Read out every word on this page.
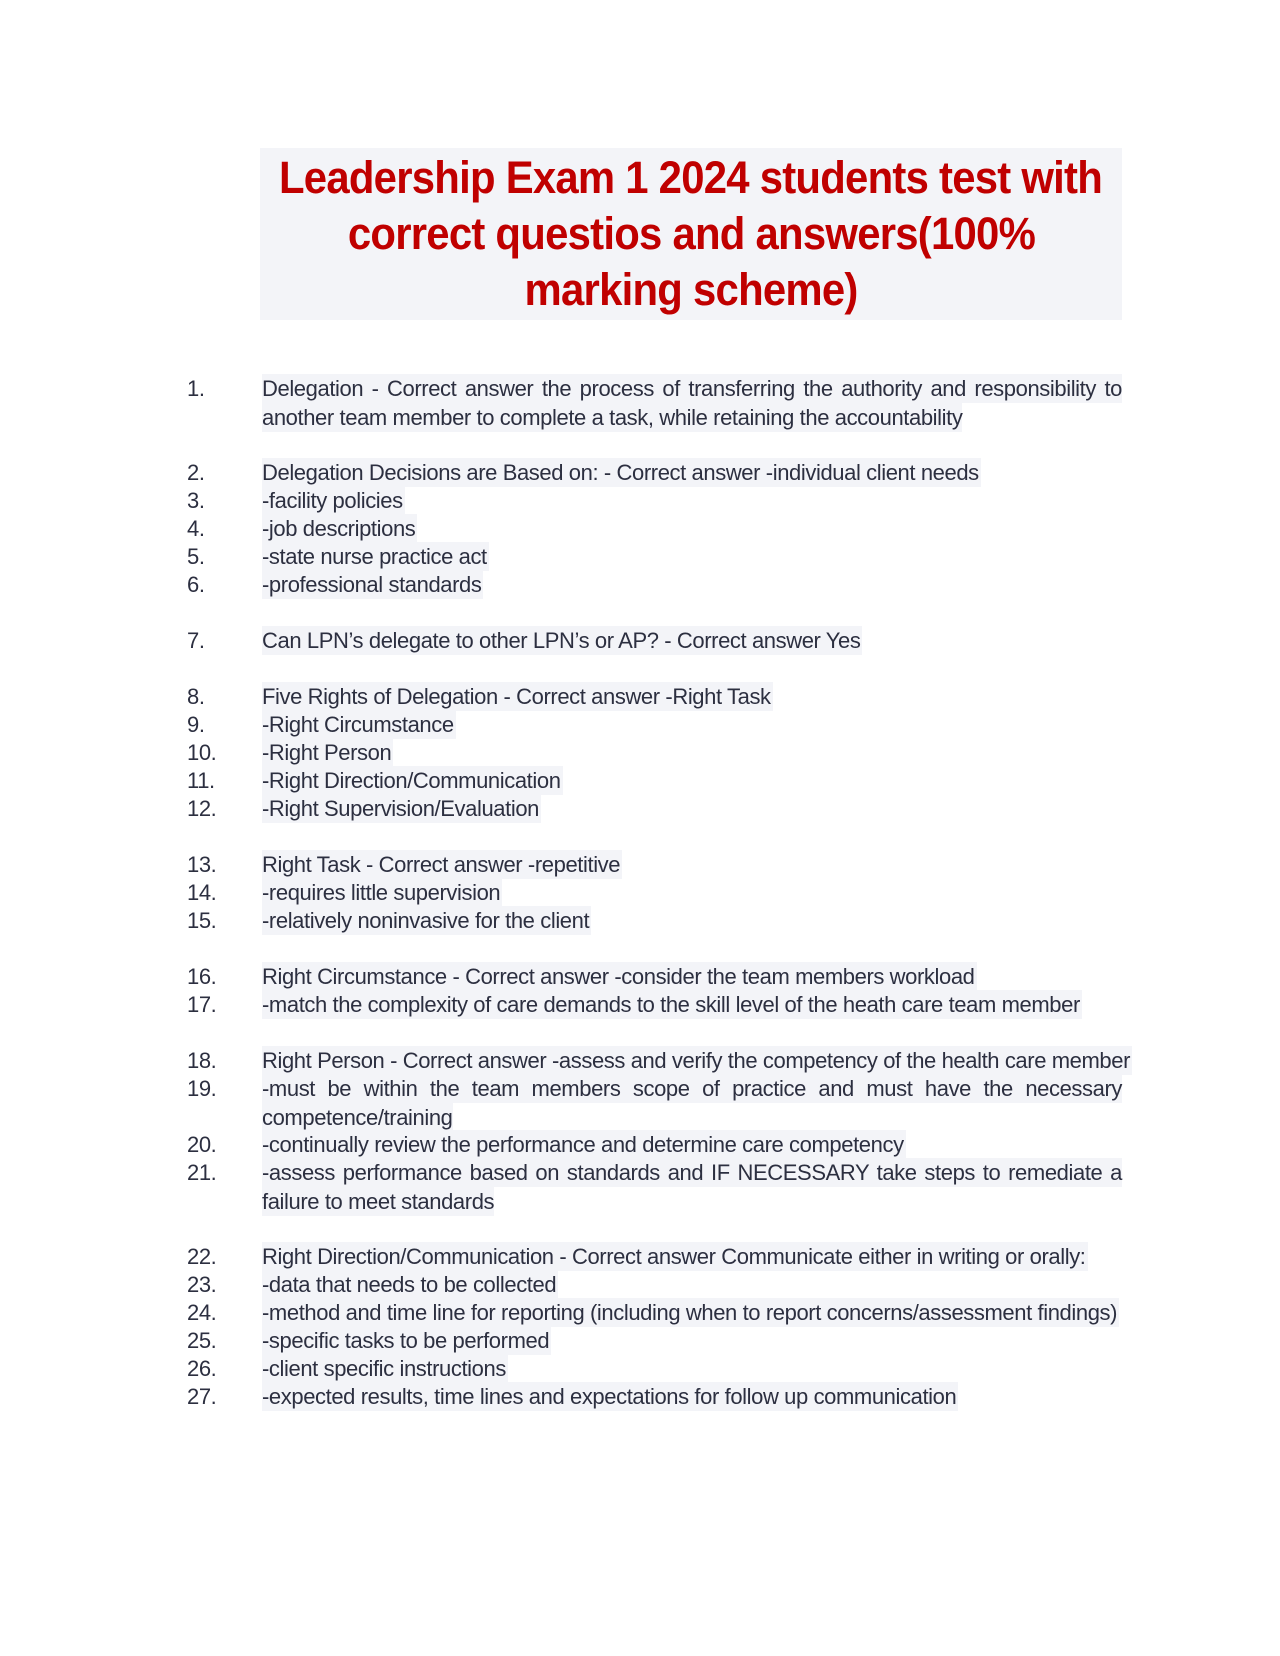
Leadership Exam 1 2024 students test with
correct questios and answers(100%
marking scheme)
1.	Delegation - Correct answer the process of transferring the authority and responsibility to
another team member to complete a task, while retaining the accountability
2.	Delegation Decisions are Based on: - Correct answer -individual client needs
3.	-facility policies
4.	-job descriptions
5.	-state nurse practice act
6.	-professional standards
7.	Can LPN’s delegate to other LPN’s or AP? - Correct answer Yes
8.	Five Rights of Delegation - Correct answer -Right Task
9.	-Right Circumstance
10.	-Right Person
11.	-Right Direction/Communication
12.	-Right Supervision/Evaluation
13.	Right Task - Correct answer -repetitive
14.	-requires little supervision
15.	-relatively noninvasive for the client
16.	Right Circumstance - Correct answer -consider the team members workload
17.	-match the complexity of care demands to the skill level of the heath care team member
18.	Right Person - Correct answer -assess and verify the competency of the health care member
19.	-must be within the team members scope of practice and must have the necessary
competence/training
20.	-continually review the performance and determine care competency
21.	-assess performance based on standards and IF NECESSARY take steps to remediate a
failure to meet standards
22.	Right Direction/Communication - Correct answer Communicate either in writing or orally:
23.	-data that needs to be collected
24.	-method and time line for reporting (including when to report concerns/assessment findings)
25.	-specific tasks to be performed
26.	-client specific instructions
27.	-expected results, time lines and expectations for follow up communication
